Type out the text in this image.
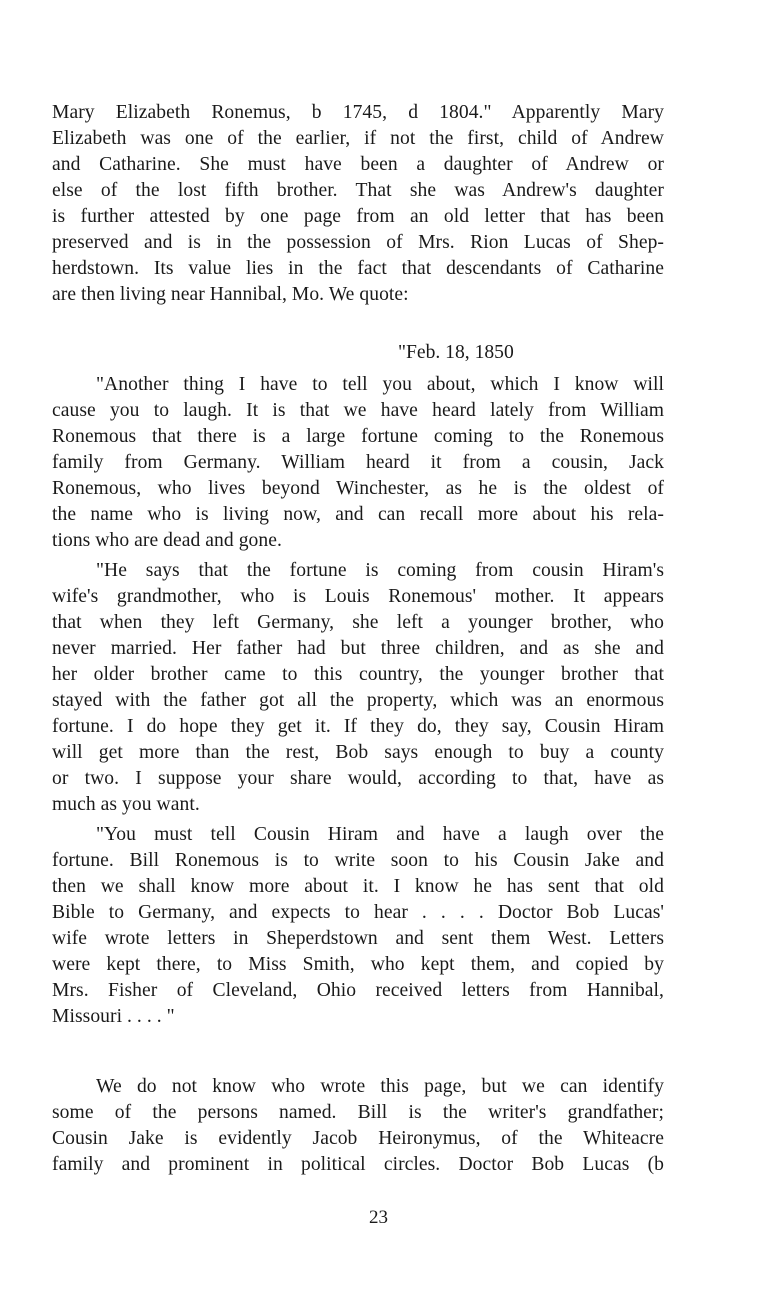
Mary Elizabeth Ronemus, b 1745, d 1804." Apparently Mary
Elizabeth was one of the earlier, if not the first, child of Andrew
and Catharine. She must have been a daughter of Andrew or
else of the lost fifth brother. That she was Andrew's daughter
is further attested by one page from an old letter that has been
preserved and is in the possession of Mrs. Rion Lucas of Shep-
herdstown. Its value lies in the fact that descendants of Catharine
are then living near Hannibal, Mo. We quote:
"Feb. 18, 1850
"Another thing I have to tell you about, which I know will
cause you to laugh. It is that we have heard lately from William
Ronemous that there is a large fortune coming to the Ronemous
family from Germany. William heard it from a cousin, Jack
Ronemous, who lives beyond Winchester, as he is the oldest of
the name who is living now, and can recall more about his rela-
tions who are dead and gone.
"He says that the fortune is coming from cousin Hiram's
wife's grandmother, who is Louis Ronemous' mother. It appears
that when they left Germany, she left a younger brother, who
never married. Her father had but three children, and as she and
her older brother came to this country, the younger brother that
stayed with the father got all the property, which was an enormous
fortune. I do hope they get it. If they do, they say, Cousin Hiram
will get more than the rest, Bob says enough to buy a county
or two. I suppose your share would, according to that, have as
much as you want.
"You must tell Cousin Hiram and have a laugh over the
fortune. Bill Ronemous is to write soon to his Cousin Jake and
then we shall know more about it. I know he has sent that old
Bible to Germany, and expects to hear . . . . Doctor Bob Lucas'
wife wrote letters in Sheperdstown and sent them West. Letters
were kept there, to Miss Smith, who kept them, and copied by
Mrs. Fisher of Cleveland, Ohio received letters from Hannibal,
Missouri . . . . "
We do not know who wrote this page, but we can identify
some of the persons named. Bill is the writer's grandfather;
Cousin Jake is evidently Jacob Heironymus, of the Whiteacre
family and prominent in political circles. Doctor Bob Lucas (b
23
